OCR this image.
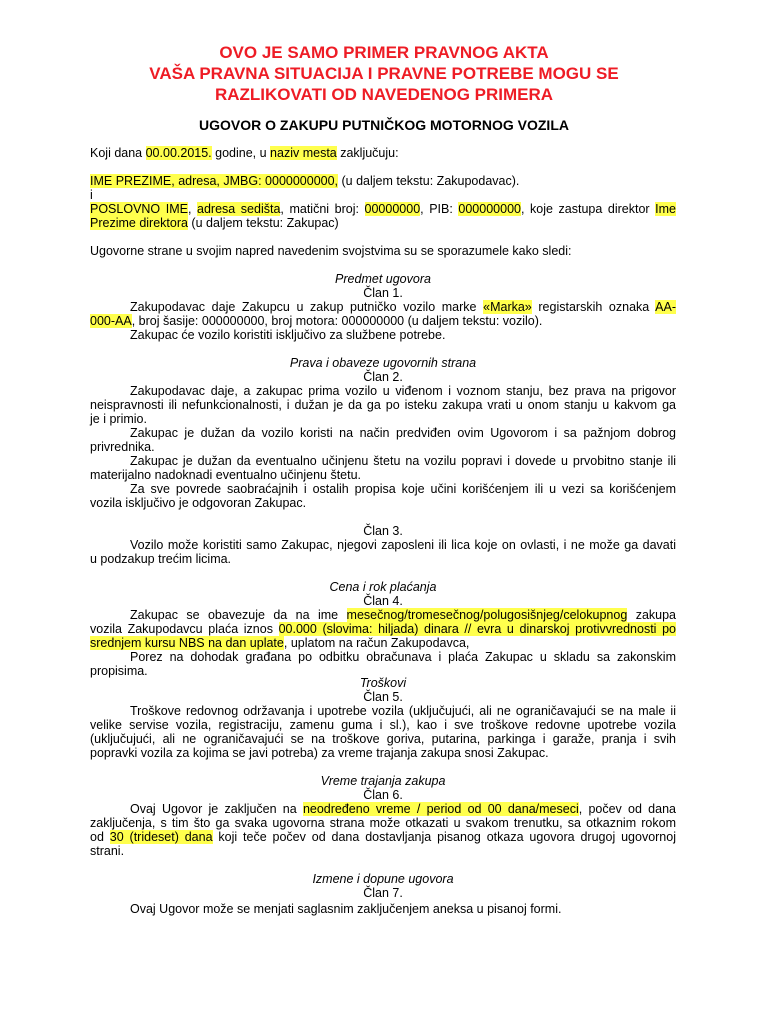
OVO JE SAMO PRIMER PRAVNOG AKTA

VAŠA PRAVNA SITUACIJA I PRAVNE POTREBE MOGU SE

RAZLIKOVATI OD NAVEDENOG PRIMERA

UGOVOR O ZAKUPU PUTNIČKOG MOTORNOG VOZILA

Koji dana 00.00.2015. godine, u naziv mesta zaključuju:

IME PREZIME, adresa, JMBG: 0000000000, (u daljem tekstu: Zakupodavac).

i

POSLOVNO IME, adresa sedišta, matični broj: 00000000, PIB: 000000000, koje zastupa direktor Ime

Prezime direktora (u daljem tekstu: Zakupac)

Ugovorne strane u svojim napred navedenim svojstvima su se sporazumele kako sledi:

Predmet ugovora

Član 1.

Zakupodavac daje Zakupcu u zakup putničko vozilo marke «Marka» registarskih oznaka AA-

000-AA, broj šasije: 000000000, broj motora: 000000000 (u daljem tekstu: vozilo).

Zakupac će vozilo koristiti isključivo za službene potrebe.

Prava i obaveze ugovornih strana

Član 2.

Zakupodavac daje, a zakupac prima vozilo u viđenom i voznom stanju, bez prava na prigovor

neispravnosti ili nefunkcionalnosti, i dužan je da ga po isteku zakupa vrati u onom stanju u kakvom ga

je i primio.

Zakupac je dužan da vozilo koristi na način predviđen ovim Ugovorom i sa pažnjom dobrog

privrednika.

Zakupac je dužan da eventualno učinjenu štetu na vozilu popravi i dovede u prvobitno stanje ili

materijalno nadoknadi eventualno učinjenu štetu.

Za sve povrede saobraćajnih i ostalih propisa koje učini korišćenjem ili u vezi sa korišćenjem

vozila isključivo je odgovoran Zakupac.

Član 3.

Vozilo može koristiti samo Zakupac, njegovi zaposleni ili lica koje on ovlasti, i ne može ga davati

u podzakup trećim licima.

Cena i rok plaćanja

Član 4.

Zakupac se obavezuje da na ime mesečnog/tromesečnog/polugosišnjeg/celokupnog zakupa

vozila Zakupodavcu plaća iznos 00.000 (slovima: hiljada) dinara // evra u dinarskoj protivvrednosti po

srednjem kursu NBS na dan uplate, uplatom na račun Zakupodavca,

Porez na dohodak građana po odbitku obračunava i plaća Zakupac u skladu sa zakonskim

propisima.

Troškovi

Član 5.

Troškove redovnog održavanja i upotrebe vozila (uključujući, ali ne ograničavajući se na male ii

velike servise vozila, registraciju, zamenu guma i sl.), kao i sve troškove redovne upotrebe vozila

(uključujući, ali ne ograničavajući se na troškove goriva, putarina, parkinga i garaže, pranja i svih

popravki vozila za kojima se javi potreba) za vreme trajanja zakupa snosi Zakupac.

Vreme trajanja zakupa

Član 6.

Ovaj Ugovor je zaključen na neodređeno vreme / period od 00 dana/meseci, počev od dana

zaključenja, s tim što ga svaka ugovorna strana može otkazati u svakom trenutku, sa otkaznim rokom

od 30 (trideset) dana koji teče počev od dana dostavljanja pisanog otkaza ugovora drugoj ugovornoj

strani.

Izmene i dopune ugovora

Član 7.

Ovaj Ugovor može se menjati saglasnim zaključenjem aneksa u pisanoj formi.
